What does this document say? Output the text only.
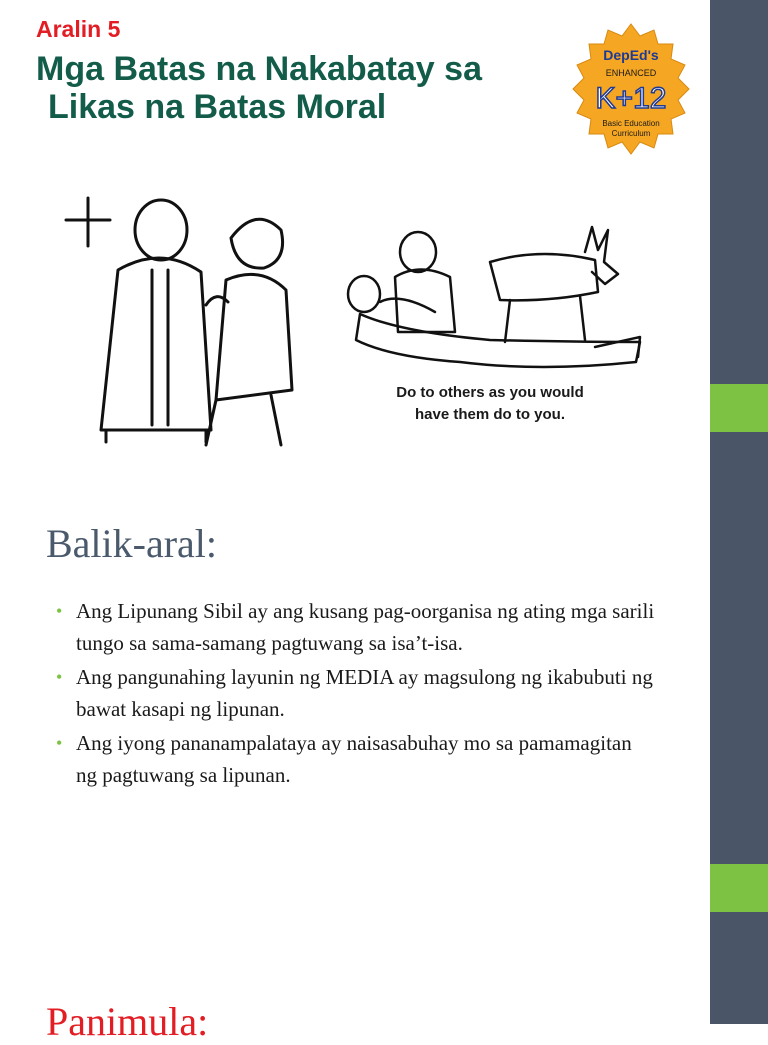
Aralin 5
Mga Batas na Nakabatay sa
Likas na Batas Moral
DepEd's
ENHANCED
K+12
Basic Education
Curriculum
Do to others as you would
have them do to you.
Balik-aral:
• Ang Lipunang Sibil ay ang kusang pag-oorganisa ng ating mga sarili tungo sa sama-samang pagtuwang sa isa’t-isa.
• Ang pangunahing layunin ng MEDIA ay magsulong ng ikabubuti ng bawat kasapi ng lipunan.
• Ang iyong pananampalataya ay naisasabuhay mo sa pamamagitan ng pagtuwang sa lipunan.
Panimula:
